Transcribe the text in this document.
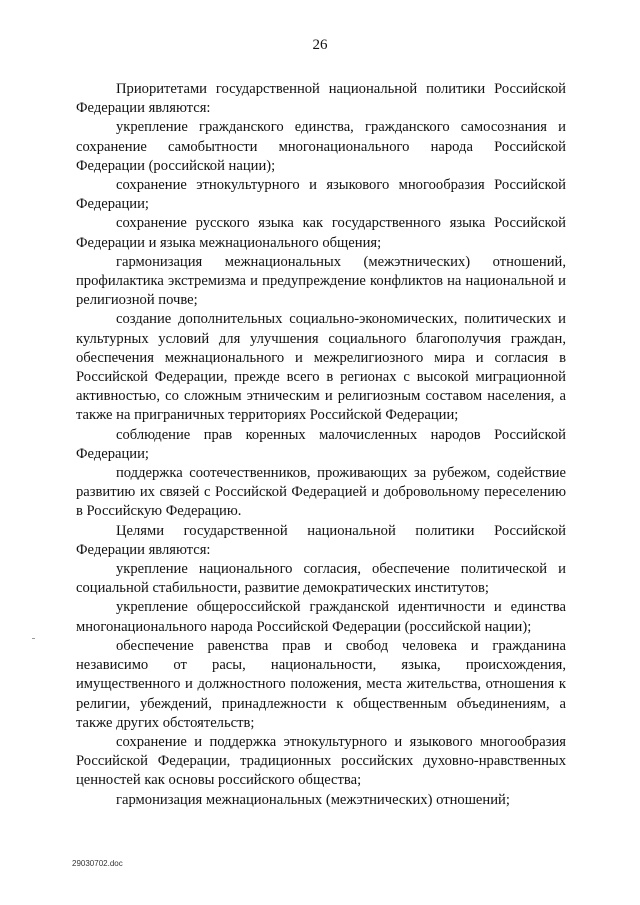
26

Приоритетами государственной национальной политики Российской Федерации являются:

укрепление гражданского единства, гражданского самосознания и сохранение самобытности многонационального народа Российской Федерации (российской нации);

сохранение этнокультурного и языкового многообразия Российской Федерации;

сохранение русского языка как государственного языка Российской Федерации и языка межнационального общения;

гармонизация межнациональных (межэтнических) отношений, профилактика экстремизма и предупреждение конфликтов на национальной и религиозной почве;

создание дополнительных социально-экономических, политических и культурных условий для улучшения социального благополучия граждан, обеспечения межнационального и межрелигиозного мира и согласия в Российской Федерации, прежде всего в регионах с высокой миграционной активностью, со сложным этническим и религиозным составом населения, а также на приграничных территориях Российской Федерации;

соблюдение прав коренных малочисленных народов Российской Федерации;

поддержка соотечественников, проживающих за рубежом, содействие развитию их связей с Российской Федерацией и добровольному переселению в Российскую Федерацию.

Целями государственной национальной политики Российской Федерации являются:

укрепление национального согласия, обеспечение политической и социальной стабильности, развитие демократических институтов;

укрепление общероссийской гражданской идентичности и единства многонационального народа Российской Федерации (российской нации);

обеспечение равенства прав и свобод человека и гражданина независимо от расы, национальности, языка, происхождения, имущественного и должностного положения, места жительства, отношения к религии, убеждений, принадлежности к общественным объединениям, а также других обстоятельств;

сохранение и поддержка этнокультурного и языкового многообразия Российской Федерации, традиционных российских духовно-нравственных ценностей как основы российского общества;

гармонизация межнациональных (межэтнических) отношений;

29030702.doc
